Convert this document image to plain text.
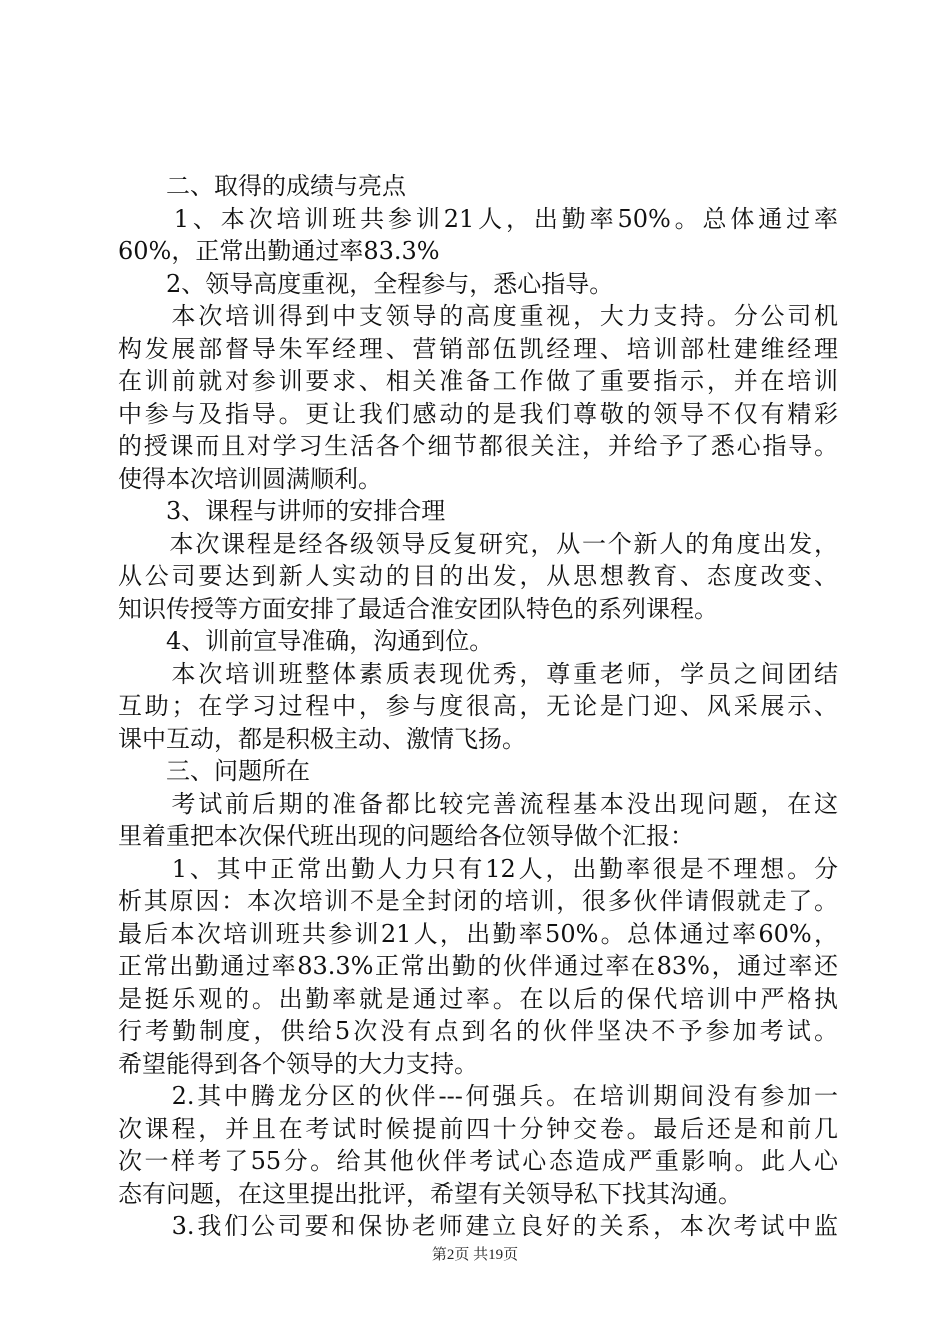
　　二、取得的成绩与亮点
　　1、本次培训班共参训21人，出勤率50%。总体通过率
60%，正常出勤通过率83.3%
　　2、领导高度重视，全程参与，悉心指导。
　　本次培训得到中支领导的高度重视，大力支持。分公司机
构发展部督导朱军经理、营销部伍凯经理、培训部杜建维经理
在训前就对参训要求、相关准备工作做了重要指示，并在培训
中参与及指导。更让我们感动的是我们尊敬的领导不仅有精彩
的授课而且对学习生活各个细节都很关注，并给予了悉心指导。
使得本次培训圆满顺利。
　　3、课程与讲师的安排合理
　　本次课程是经各级领导反复研究，从一个新人的角度出发，
从公司要达到新人实动的目的出发，从思想教育、态度改变、
知识传授等方面安排了最适合淮安团队特色的系列课程。
　　4、训前宣导准确，沟通到位。
　　本次培训班整体素质表现优秀，尊重老师，学员之间团结
互助；在学习过程中，参与度很高，无论是门迎、风采展示、
课中互动，都是积极主动、激情飞扬。
　　三、问题所在
　　考试前后期的准备都比较完善流程基本没出现问题，在这
里着重把本次保代班出现的问题给各位领导做个汇报：
　　1、其中正常出勤人力只有12人，出勤率很是不理想。分
析其原因：本次培训不是全封闭的培训，很多伙伴请假就走了。
最后本次培训班共参训21人，出勤率50%。总体通过率60%，
正常出勤通过率83.3%正常出勤的伙伴通过率在83%，通过率还
是挺乐观的。出勤率就是通过率。在以后的保代培训中严格执
行考勤制度，供给5次没有点到名的伙伴坚决不予参加考试。
希望能得到各个领导的大力支持。
　　2.其中腾龙分区的伙伴---何强兵。在培训期间没有参加一
次课程，并且在考试时候提前四十分钟交卷。最后还是和前几
次一样考了55分。给其他伙伴考试心态造成严重影响。此人心
态有问题，在这里提出批评，希望有关领导私下找其沟通。
　　3.我们公司要和保协老师建立良好的关系，本次考试中监
第2页 共19页
